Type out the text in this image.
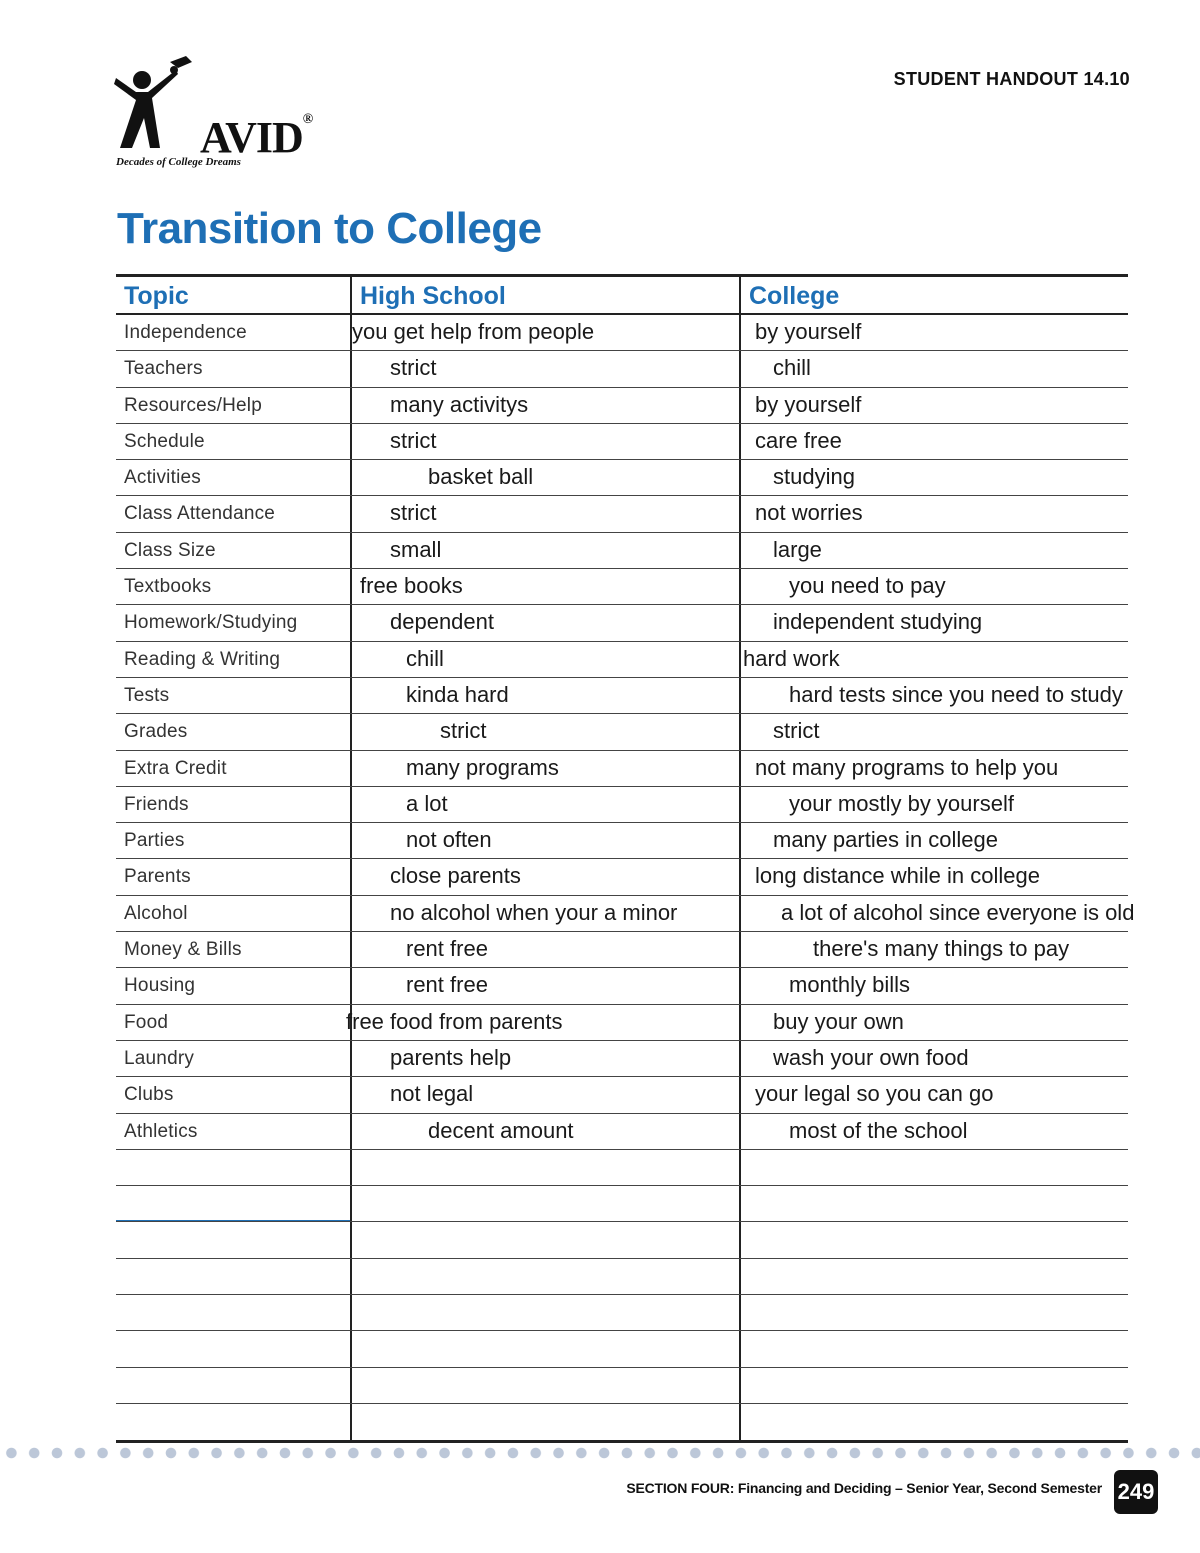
AVID®
Decades of College Dreams
STUDENT HANDOUT 14.10
Transition to College
Topic	High School	College
Independence	you get help from people	by yourself
Teachers	strict	chill
Resources/Help	many activitys	by yourself
Schedule	strict	care free
Activities	basket ball	studying
Class Attendance	strict	not worries
Class Size	small	large
Textbooks	free books	you need to pay
Homework/Studying	dependent	independent studying
Reading & Writing	chill	hard work
Tests	kinda hard	hard tests since you need to study
Grades	strict	strict
Extra Credit	many programs	not many programs to help you
Friends	a lot	your mostly by yourself
Parties	not often	many parties in college
Parents	close parents	long distance while in college
Alcohol	no alcohol when your a minor	a lot of alcohol since everyone is old
Money & Bills	rent free	there's many things to pay
Housing	rent free	monthly bills
Food	free food from parents	buy your own
Laundry	parents help	wash your own food
Clubs	not legal	your legal so you can go
Athletics	decent amount	most of the school
SECTION FOUR: Financing and Deciding – Senior Year, Second Semester 249
